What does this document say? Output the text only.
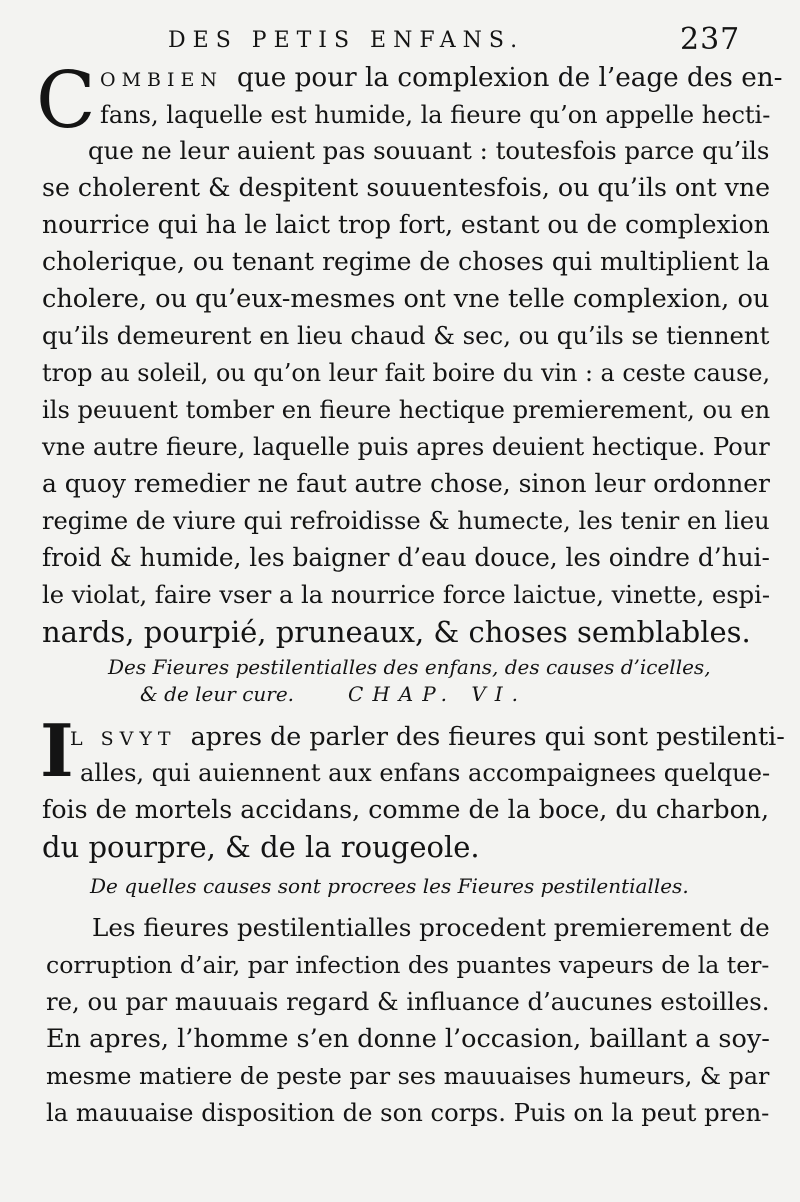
DES PETIS ENFANS.	237
C OMBIEN que pour la complexion de l’eage des en-
fans, laquelle est humide, la fieure qu’on appelle hecti-
que ne leur auient pas souuant : toutesfois parce qu’ils
se cholerent & despitent souuentesfois, ou qu’ils ont vne
nourrice qui ha le laict trop fort, estant ou de complexion
cholerique, ou tenant regime de choses qui multiplient la
cholere, ou qu’eux-mesmes ont vne telle complexion, ou
qu’ils demeurent en lieu chaud & sec, ou qu’ils se tiennent
trop au soleil, ou qu’on leur fait boire du vin : a ceste cause,
ils peuuent tomber en fieure hectique premierement, ou en
vne autre fieure, laquelle puis apres deuient hectique. Pour
a quoy remedier ne faut autre chose, sinon leur ordonner
regime de viure qui refroidisse & humecte, les tenir en lieu
froid & humide, les baigner d’eau douce, les oindre d’hui-
le violat, faire vser a la nourrice force laictue, vinette, espi-
nards, pourpié, pruneaux, & choses semblables.
Des Fieures pestilentialles des enfans, des causes d’icelles,
& de leur cure.	CHAP. VI.
I
L SVYT apres de parler des fieures qui sont pestilenti-
alles, qui auiennent aux enfans accompaignees quelque-
fois de mortels accidans, comme de la boce, du charbon,
du pourpre, & de la rougeole.
De quelles causes sont procrees les Fieures pestilentialles.
Les fieures pestilentialles procedent premierement de
corruption d’air, par infection des puantes vapeurs de la ter-
re, ou par mauuais regard & influance d’aucunes estoilles.
En apres, l’homme s’en donne l’occasion, baillant a soy-
mesme matiere de peste par ses mauuaises humeurs, & par
la mauuaise disposition de son corps. Puis on la peut pren-
